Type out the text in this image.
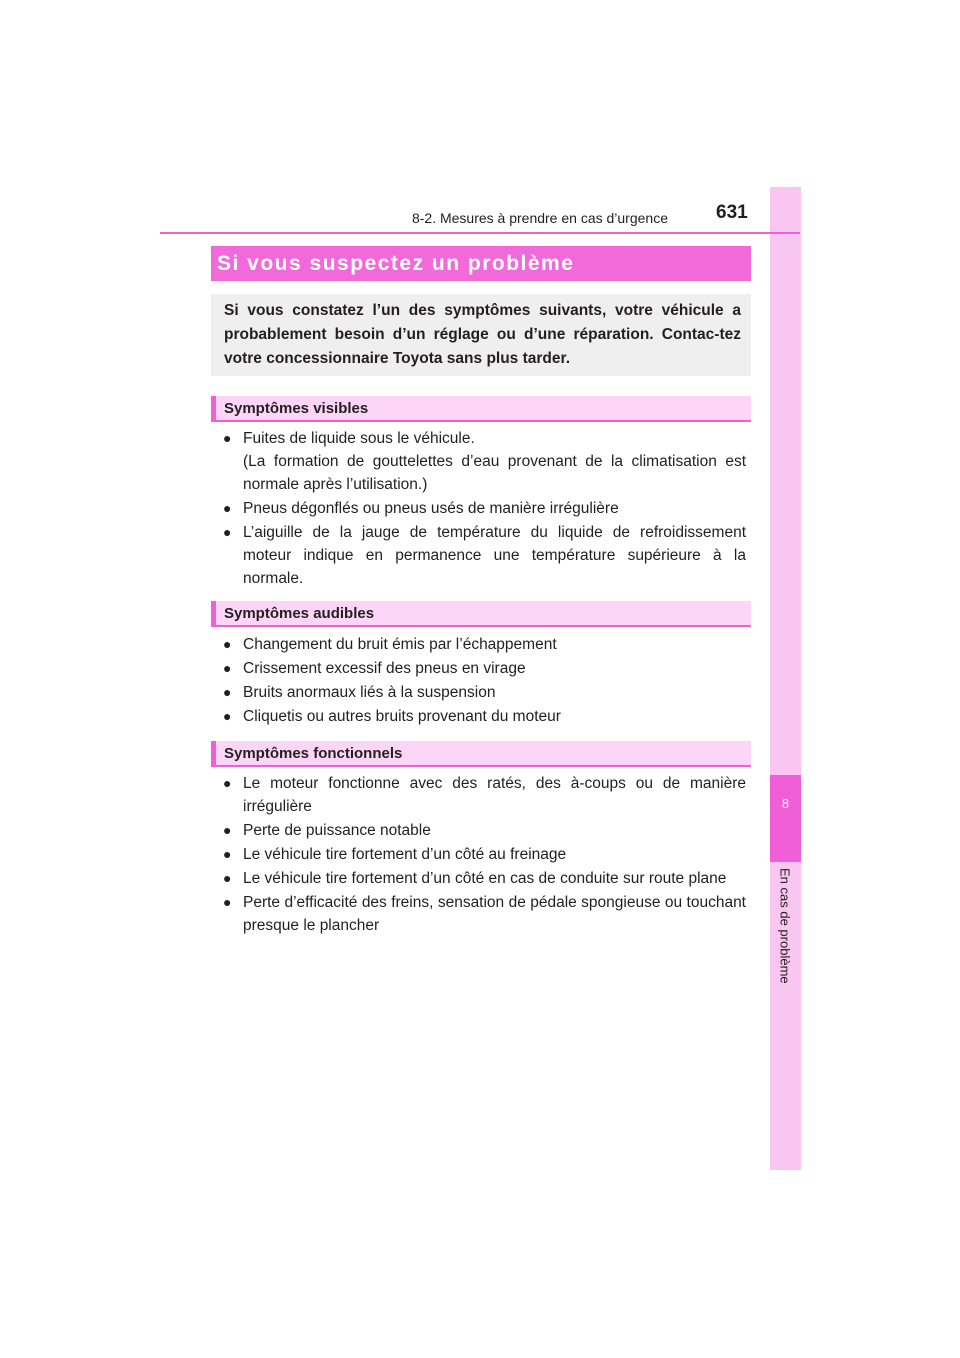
8
En cas de problème
8-2. Mesures à prendre en cas d’urgence	631
Si vous suspectez un problème
Si vous constatez l’un des symptômes suivants, votre véhicule a probablement besoin d’un réglage ou d’une réparation. Contac-tez votre concessionnaire Toyota sans plus tarder.
Symptômes visibles
● Fuites de liquide sous le véhicule.
(La formation de gouttelettes d’eau provenant de la climatisation est normale après l’utilisation.)
● Pneus dégonflés ou pneus usés de manière irrégulière
● L’aiguille de la jauge de température du liquide de refroidissement moteur indique en permanence une température supérieure à la normale.
Symptômes audibles
● Changement du bruit émis par l’échappement
● Crissement excessif des pneus en virage
● Bruits anormaux liés à la suspension
● Cliquetis ou autres bruits provenant du moteur
Symptômes fonctionnels
● Le moteur fonctionne avec des ratés, des à-coups ou de manière irrégulière
● Perte de puissance notable
● Le véhicule tire fortement d’un côté au freinage
● Le véhicule tire fortement d’un côté en cas de conduite sur route plane
● Perte d’efficacité des freins, sensation de pédale spongieuse ou touchant presque le plancher
